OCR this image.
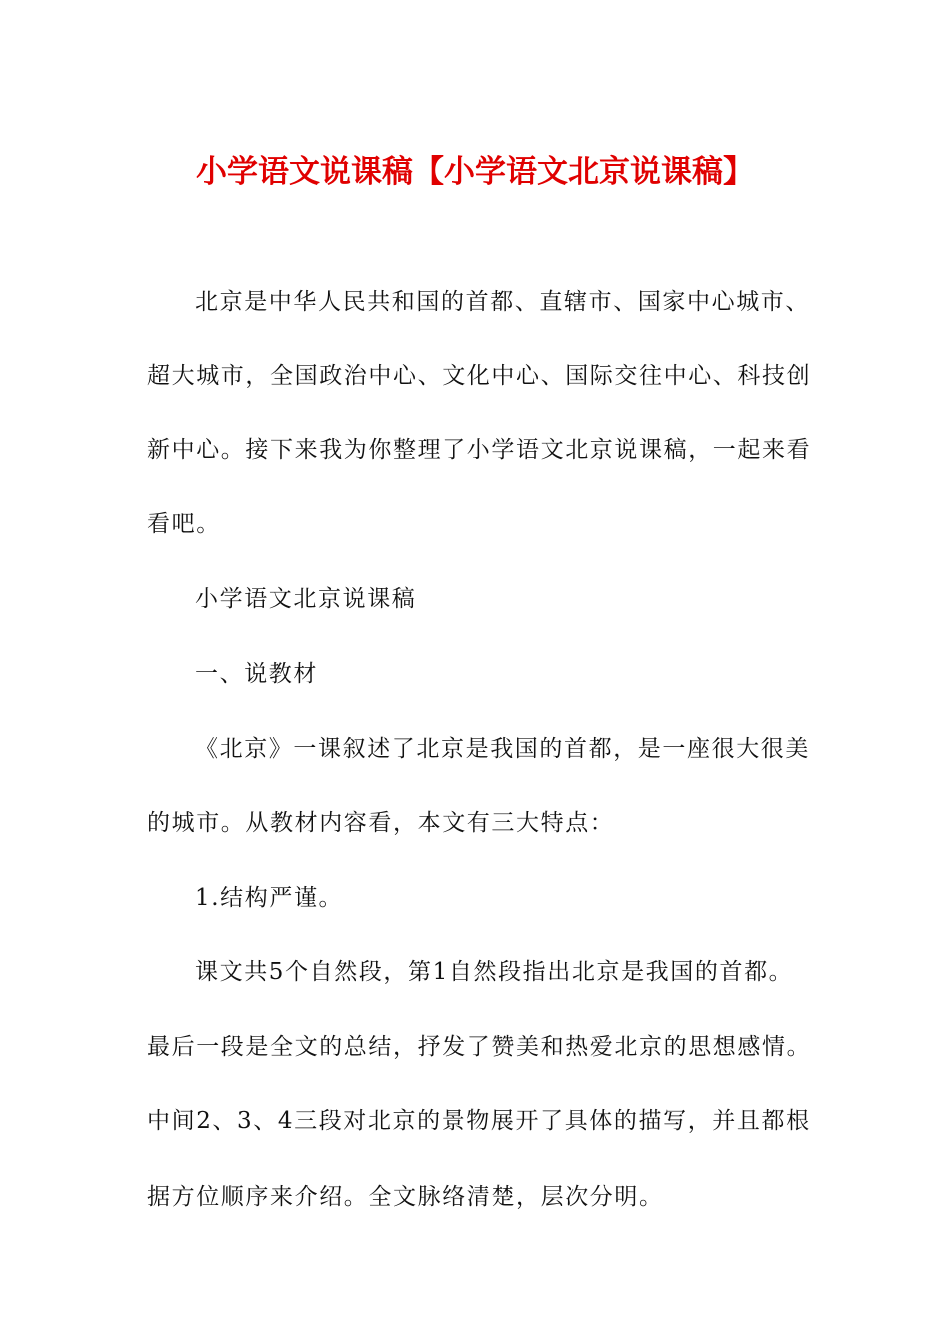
小学语文说课稿【小学语文北京说课稿】
北京是中华人民共和国的首都、直辖市、国家中心城市、
超大城市，全国政治中心、文化中心、国际交往中心、科技创
新中心。接下来我为你整理了小学语文北京说课稿，一起来看
看吧。
小学语文北京说课稿
一、说教材
《北京》一课叙述了北京是我国的首都，是一座很大很美
的城市。从教材内容看，本文有三大特点：
1.结构严谨。
课文共5个自然段，第1自然段指出北京是我国的首都。
最后一段是全文的总结，抒发了赞美和热爱北京的思想感情。
中间2、3、4三段对北京的景物展开了具体的描写，并且都根
据方位顺序来介绍。全文脉络清楚，层次分明。
